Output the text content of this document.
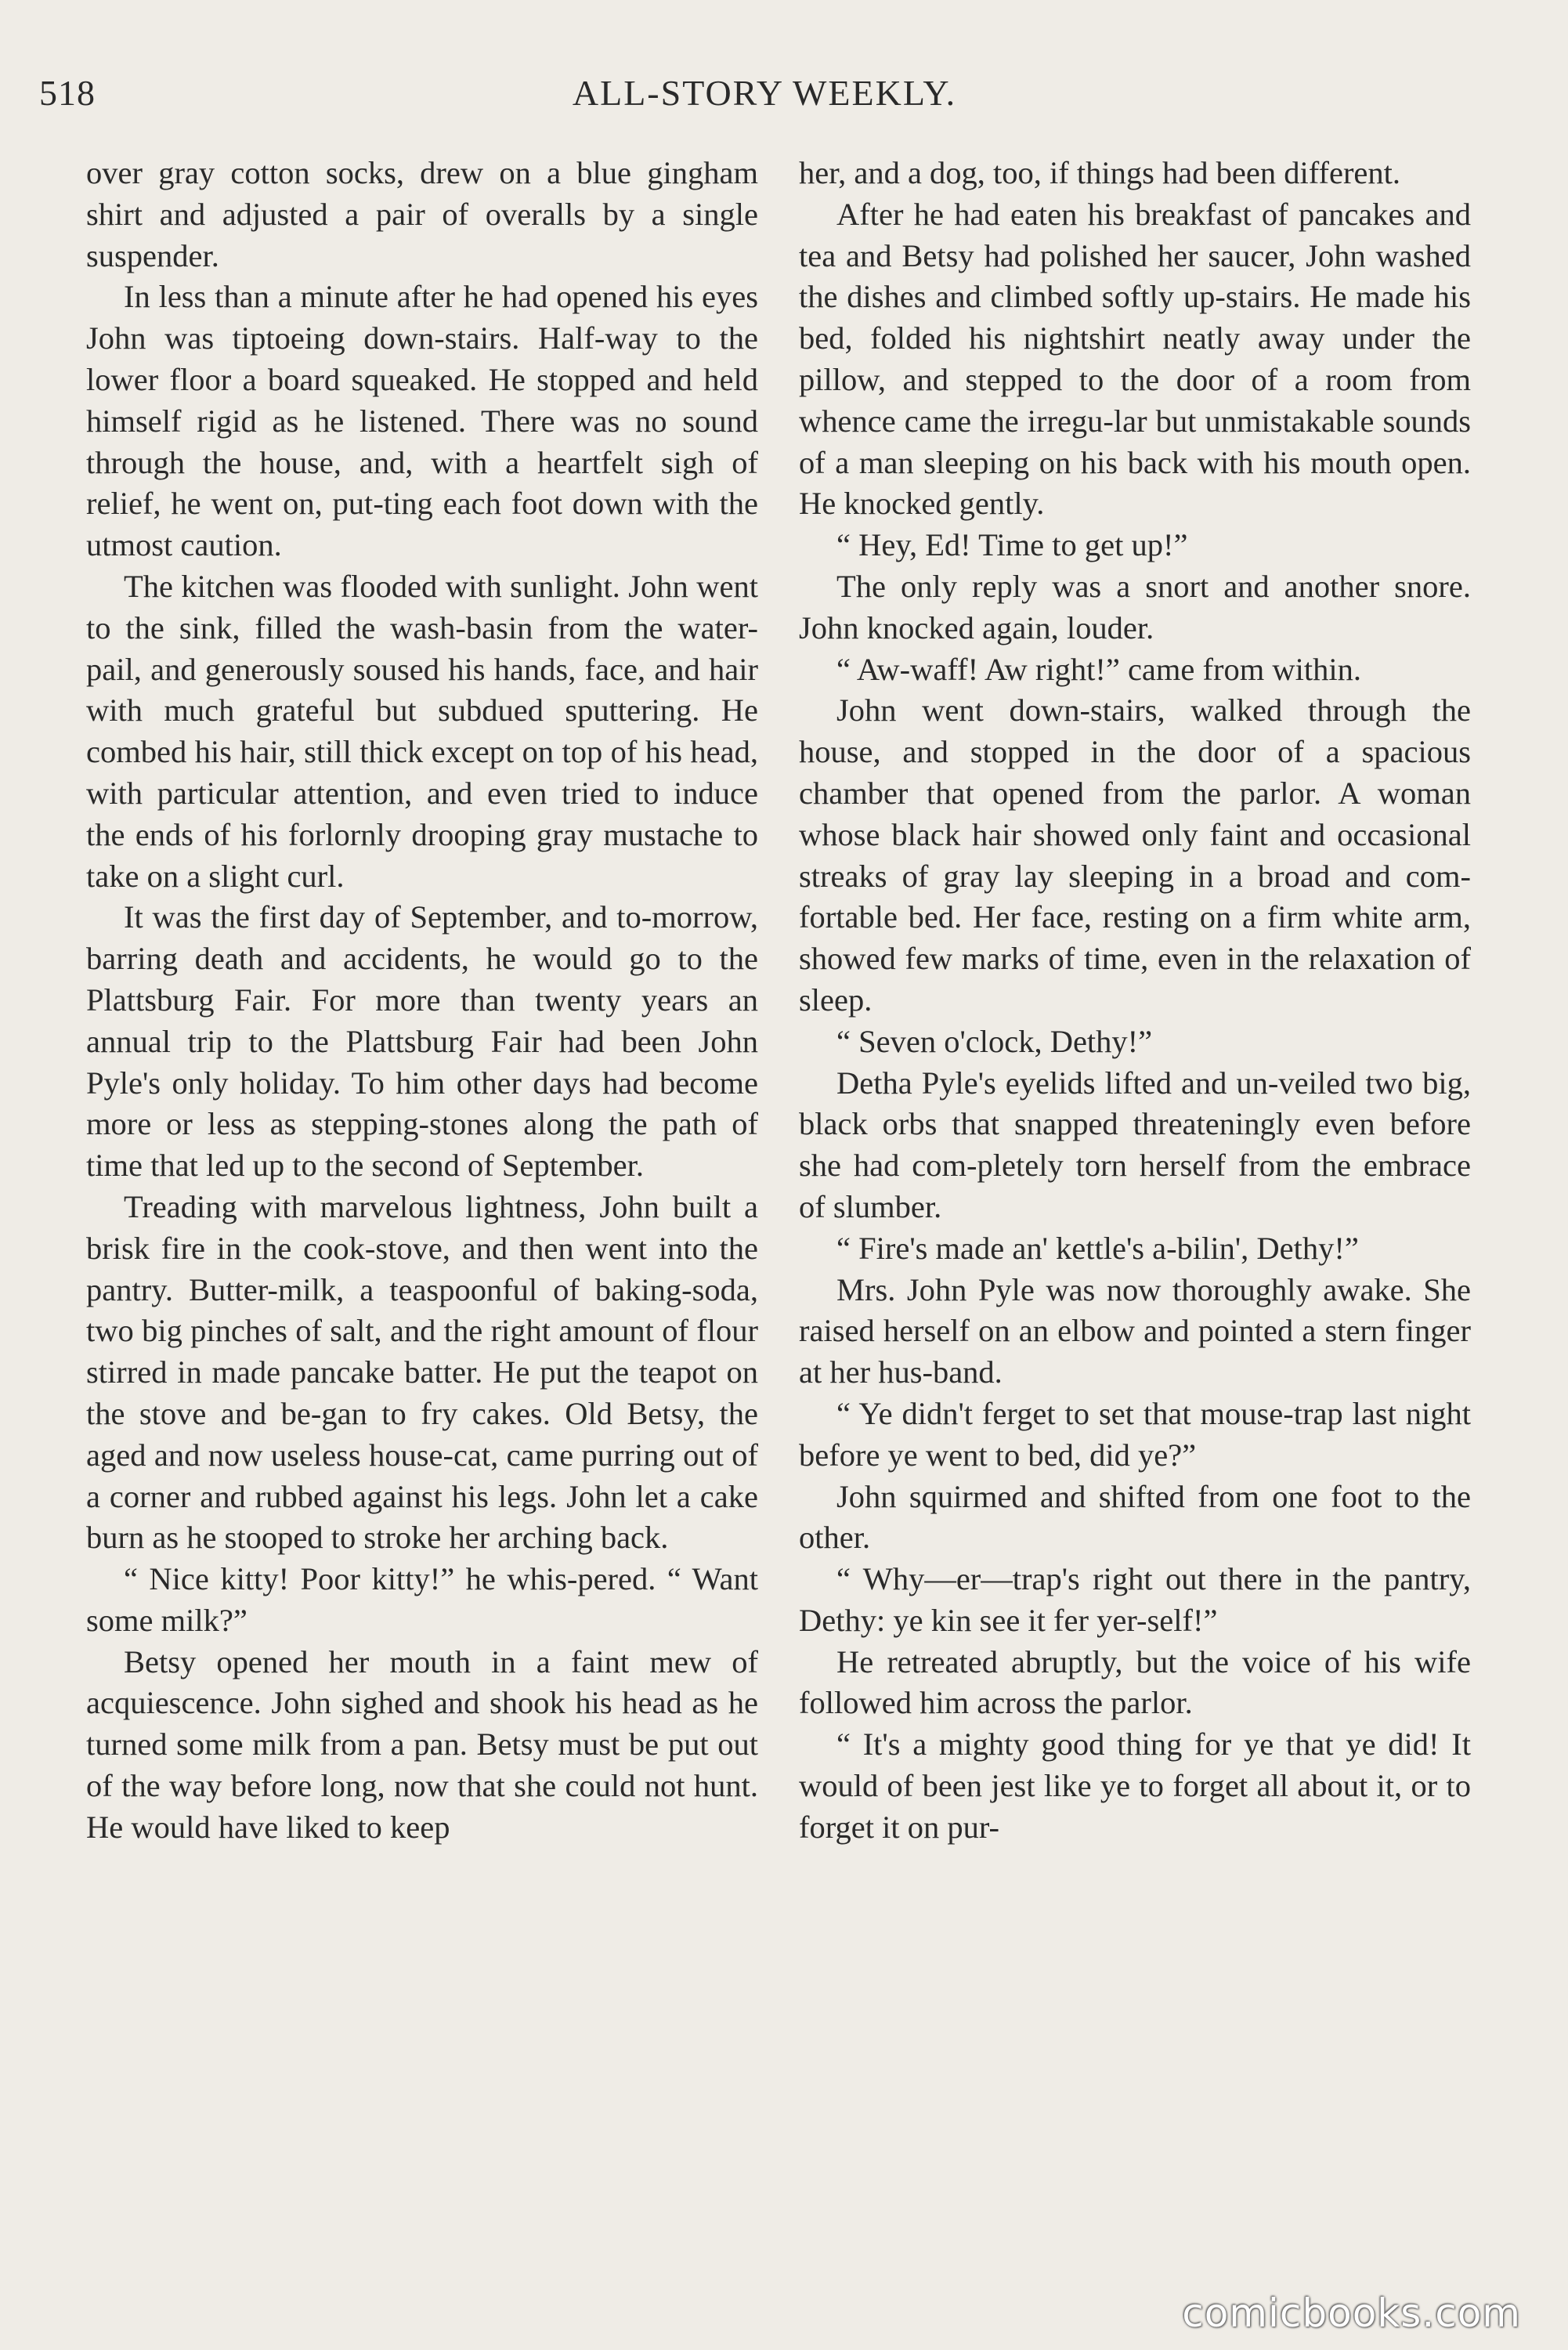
518	ALL-STORY WEEKLY.

over gray cotton socks, drew on a blue gingham shirt and adjusted a pair of overalls by a single suspender.

In less than a minute after he had opened his eyes John was tiptoeing down-stairs. Half-way to the lower floor a board squeaked. He stopped and held himself rigid as he listened. There was no sound through the house, and, with a heartfelt sigh of relief, he went on, put-ting each foot down with the utmost caution.

The kitchen was flooded with sunlight. John went to the sink, filled the wash-basin from the water-pail, and generously soused his hands, face, and hair with much grateful but subdued sputtering. He combed his hair, still thick except on top of his head, with particular attention, and even tried to induce the ends of his forlornly drooping gray mustache to take on a slight curl.

It was the first day of September, and to-morrow, barring death and accidents, he would go to the Plattsburg Fair. For more than twenty years an annual trip to the Plattsburg Fair had been John Pyle's only holiday. To him other days had become more or less as stepping-stones along the path of time that led up to the second of September.

Treading with marvelous lightness, John built a brisk fire in the cook-stove, and then went into the pantry. Butter-milk, a teaspoonful of baking-soda, two big pinches of salt, and the right amount of flour stirred in made pancake batter. He put the teapot on the stove and be-gan to fry cakes. Old Betsy, the aged and now useless house-cat, came purring out of a corner and rubbed against his legs. John let a cake burn as he stooped to stroke her arching back.

“ Nice kitty! Poor kitty!” he whis-pered. “ Want some milk?”

Betsy opened her mouth in a faint mew of acquiescence. John sighed and shook his head as he turned some milk from a pan. Betsy must be put out of the way before long, now that she could not hunt. He would have liked to keep

her, and a dog, too, if things had been different.

After he had eaten his breakfast of pancakes and tea and Betsy had polished her saucer, John washed the dishes and climbed softly up-stairs. He made his bed, folded his nightshirt neatly away under the pillow, and stepped to the door of a room from whence came the irregu-lar but unmistakable sounds of a man sleeping on his back with his mouth open. He knocked gently.

“ Hey, Ed! Time to get up!”

The only reply was a snort and another snore. John knocked again, louder.

“ Aw-waff! Aw right!” came from within.

John went down-stairs, walked through the house, and stopped in the door of a spacious chamber that opened from the parlor. A woman whose black hair showed only faint and occasional streaks of gray lay sleeping in a broad and com-fortable bed. Her face, resting on a firm white arm, showed few marks of time, even in the relaxation of sleep.

“ Seven o'clock, Dethy!”

Detha Pyle's eyelids lifted and un-veiled two big, black orbs that snapped threateningly even before she had com-pletely torn herself from the embrace of slumber.

“ Fire's made an' kettle's a-bilin', Dethy!”

Mrs. John Pyle was now thoroughly awake. She raised herself on an elbow and pointed a stern finger at her hus-band.

“ Ye didn't ferget to set that mouse-trap last night before ye went to bed, did ye?”

John squirmed and shifted from one foot to the other.

“ Why—er—trap's right out there in the pantry, Dethy: ye kin see it fer yer-self!”

He retreated abruptly, but the voice of his wife followed him across the parlor.

“ It's a mighty good thing for ye that ye did! It would of been jest like ye to forget all about it, or to forget it on pur-

comicbooks.com
